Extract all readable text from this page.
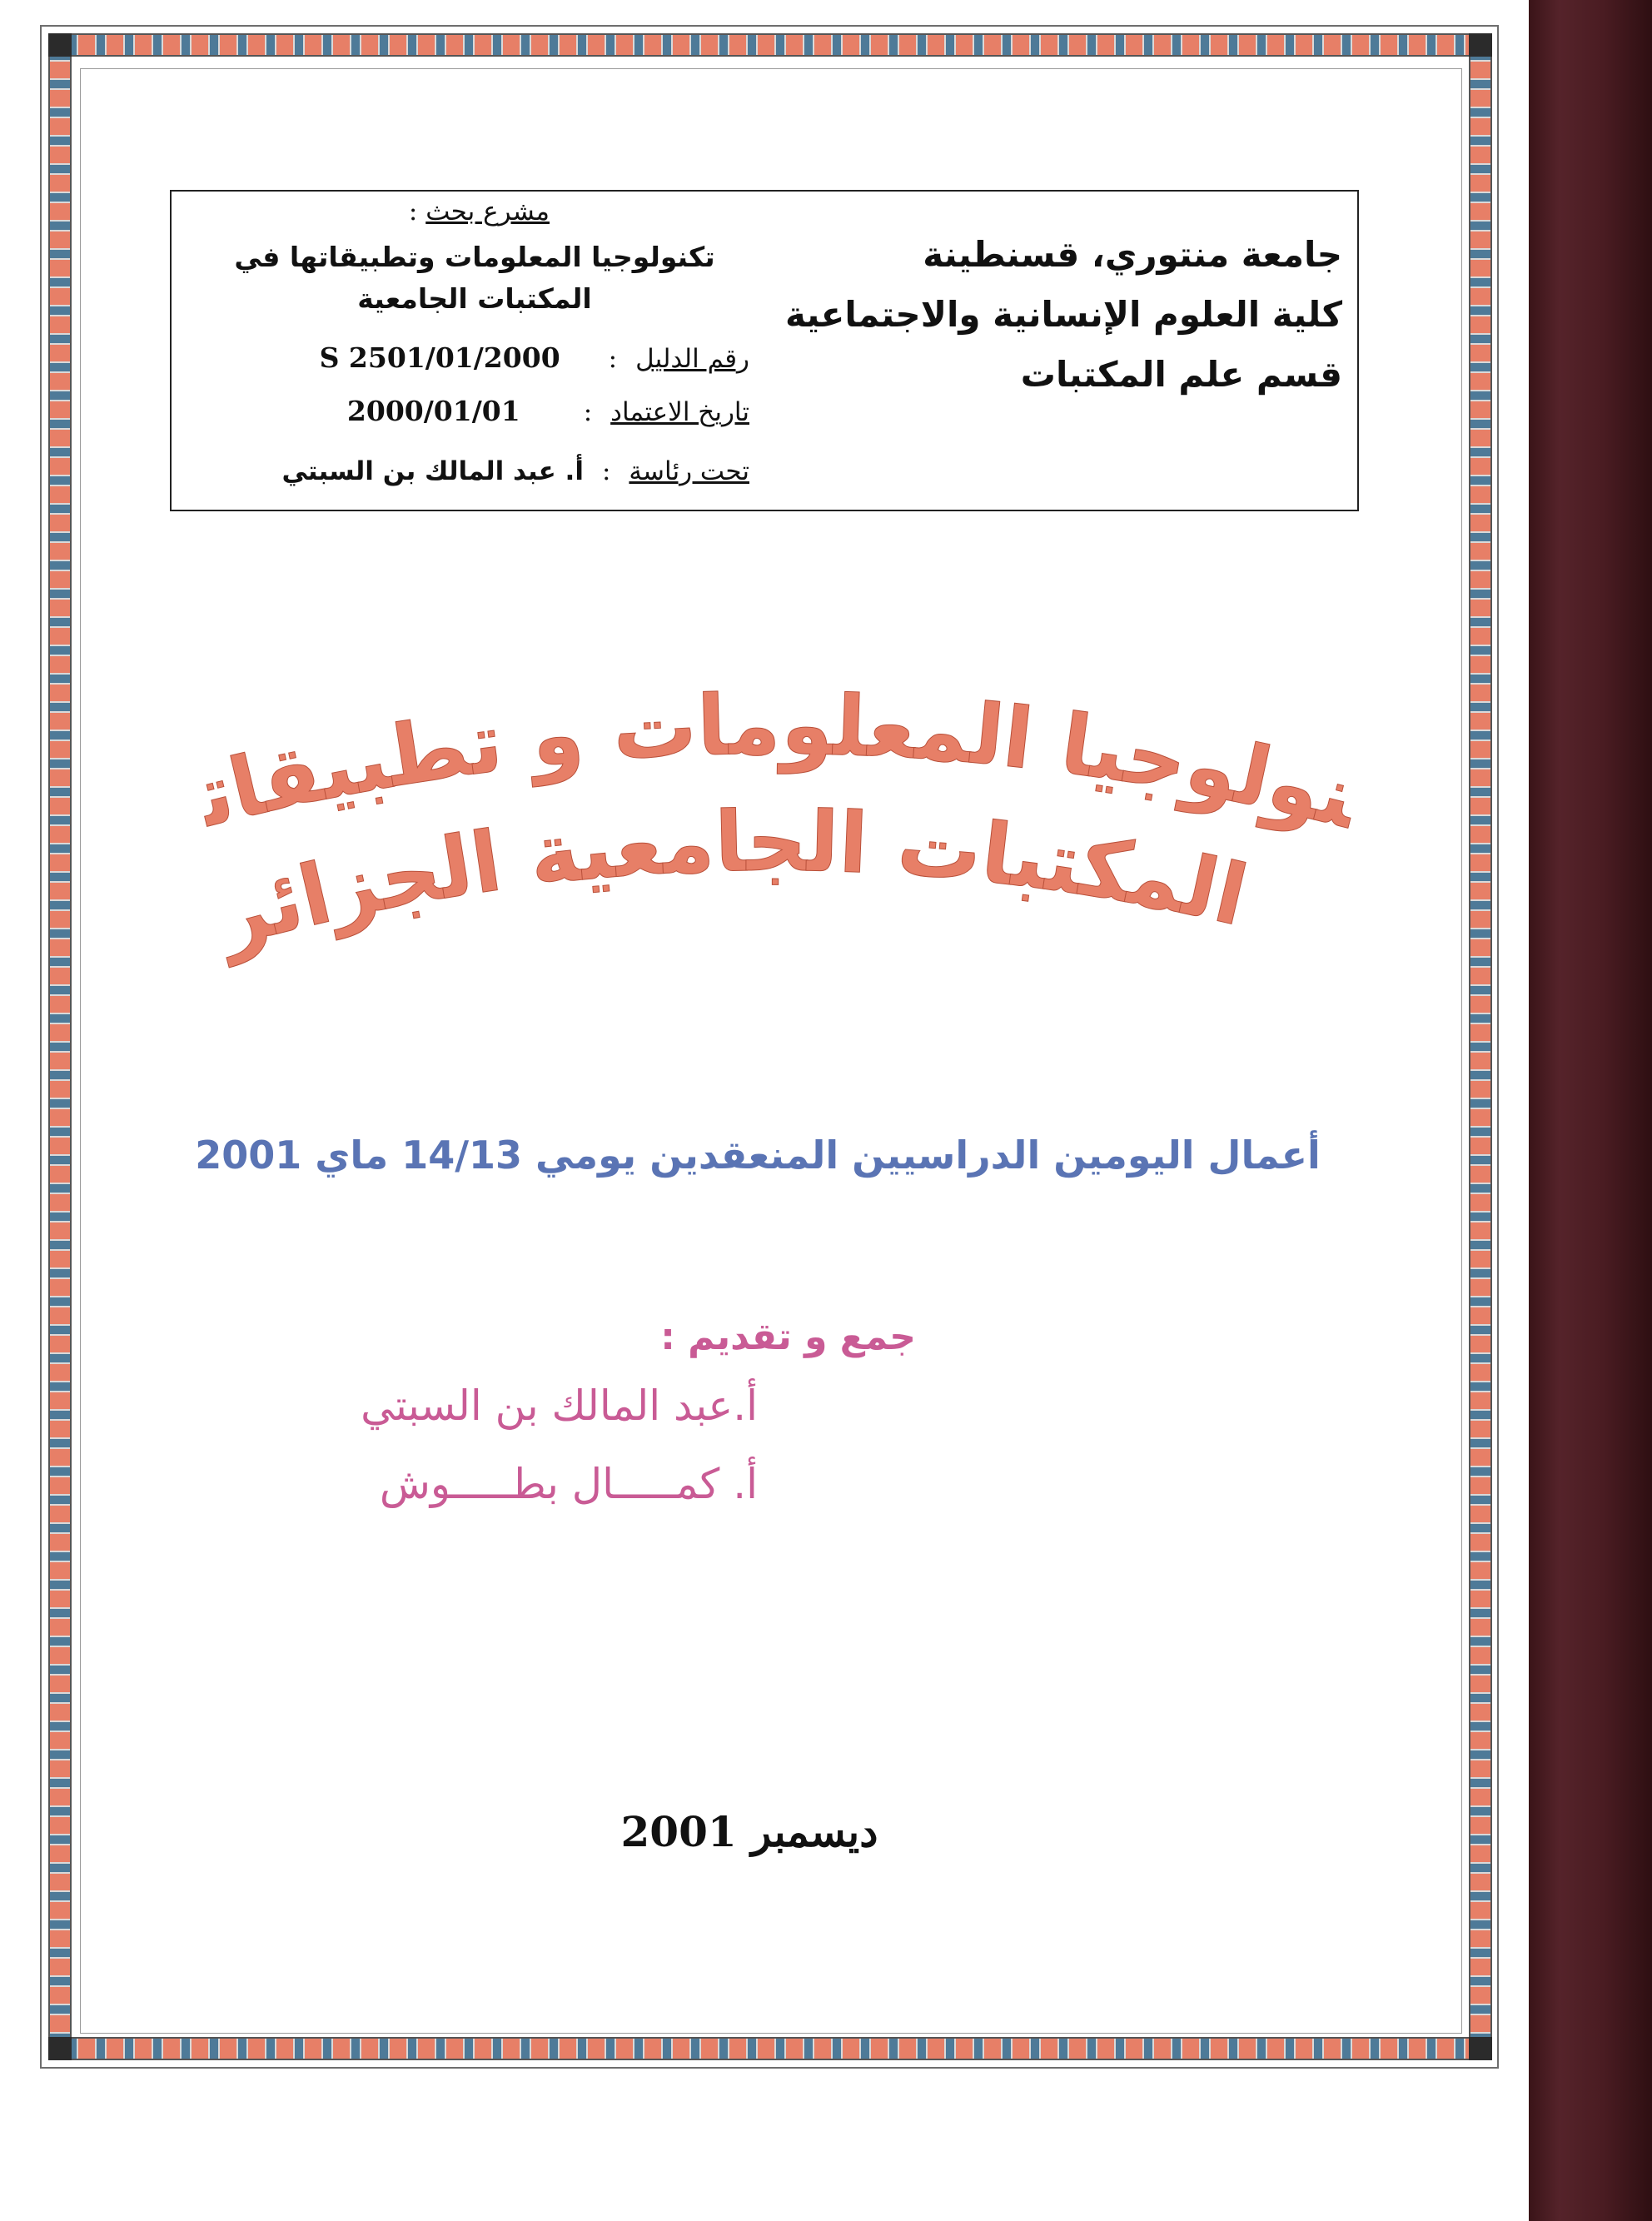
جامعة منتوري، قسنطينة
كلية العلوم الإنسانية والاجتماعية
قسم علم المكتبات
مشرع بحث :
تكنولوجيا المعلومات وتطبيقاتها في المكتبات الجامعية
رقم الدليل:S 2501/01/2000
تاريخ الاعتماد:2000/01/01
تحت رئاسة:أ. عبد المالك بن السبتي
نولوجيا المعلومات و تطبيقات
المكتبات الجامعية الجزائر
أعمال اليومين الدراسيين المنعقدين يومي 14/13 ماي 2001
جمع و تقديم :
أ.عبد المالك بن السبتي
أ. كمـــــال بطـــــوش
ديسمبر 2001
